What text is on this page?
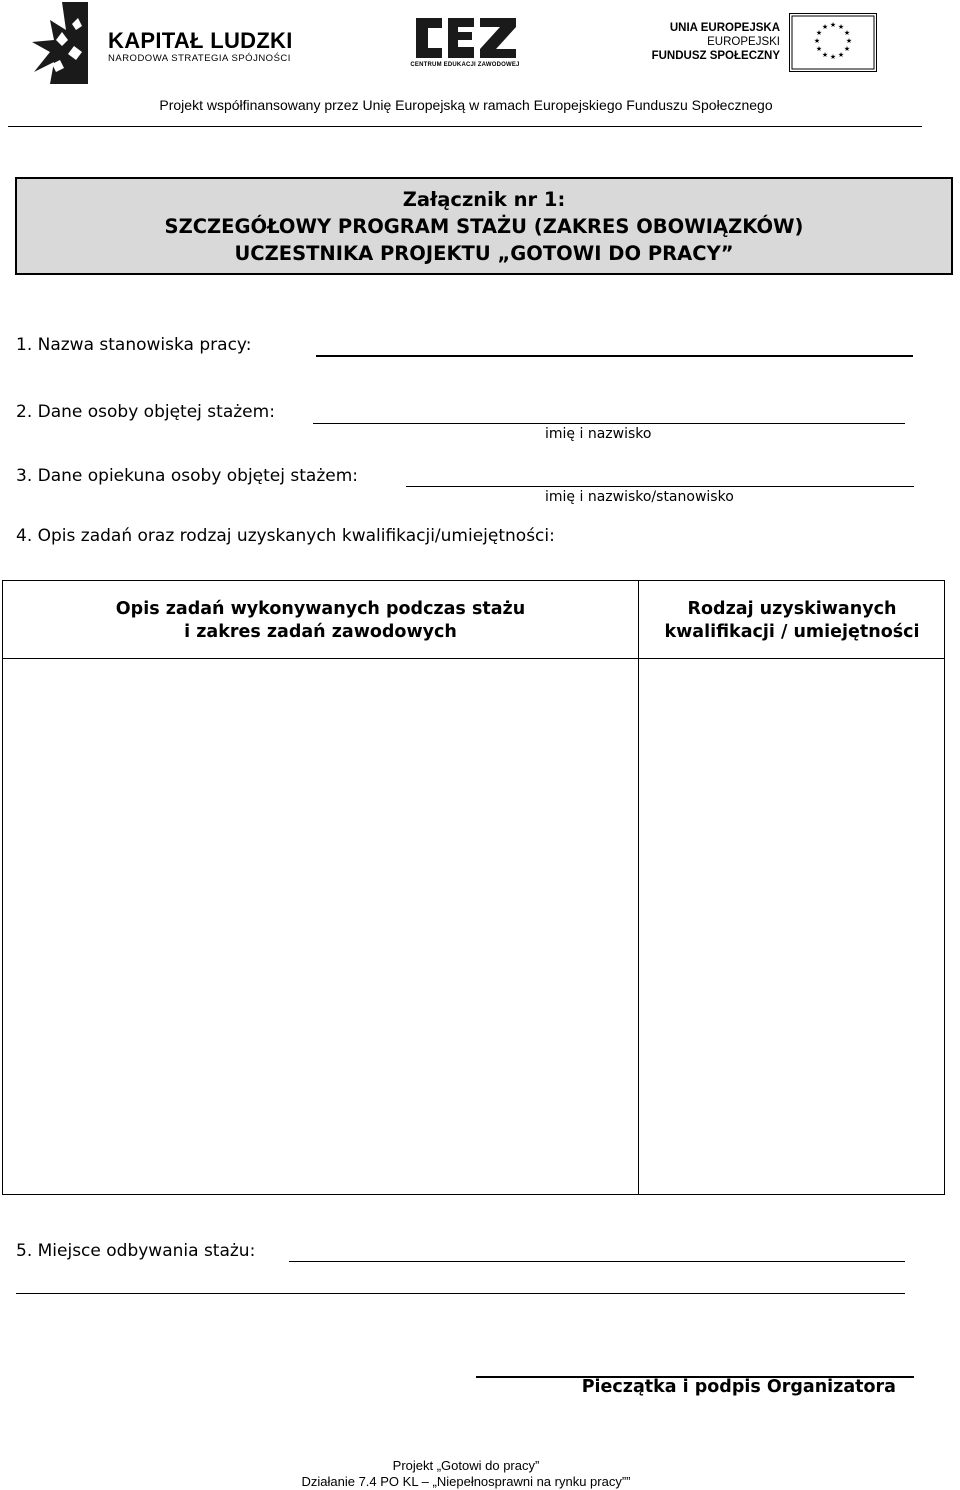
KAPITAŁ LUDZKI
NARODOWA STRATEGIA SPÓJNOŚCI
CENTRUM EDUKACJI ZAWODOWEJ
UNIA EUROPEJSKA
EUROPEJSKI
FUNDUSZ SPOŁECZNY
★ ★
★
★
★
★
★
★
★
★
★
★
Projekt współfinansowany przez Unię Europejską w ramach Europejskiego Funduszu Społecznego
Załącznik nr 1:
SZCZEGÓŁOWY PROGRAM STAŻU (ZAKRES OBOWIĄZKÓW)
UCZESTNIKA PROJEKTU „GOTOWI DO PRACY”
1. Nazwa stanowiska pracy:
2. Dane osoby objętej stażem:
imię i nazwisko
3. Dane opiekuna osoby objętej stażem:
imię i nazwisko/stanowisko
4. Opis zadań oraz rodzaj uzyskanych kwalifikacji/umiejętności:
Opis zadań wykonywanych podczas stażu
i zakres zadań zawodowych
Rodzaj uzyskiwanych
kwalifikacji / umiejętności
5. Miejsce odbywania stażu:
Pieczątka i podpis Organizatora
Projekt „Gotowi do pracy”
Działanie 7.4 PO KL – „Niepełnosprawni na rynku pracy””
